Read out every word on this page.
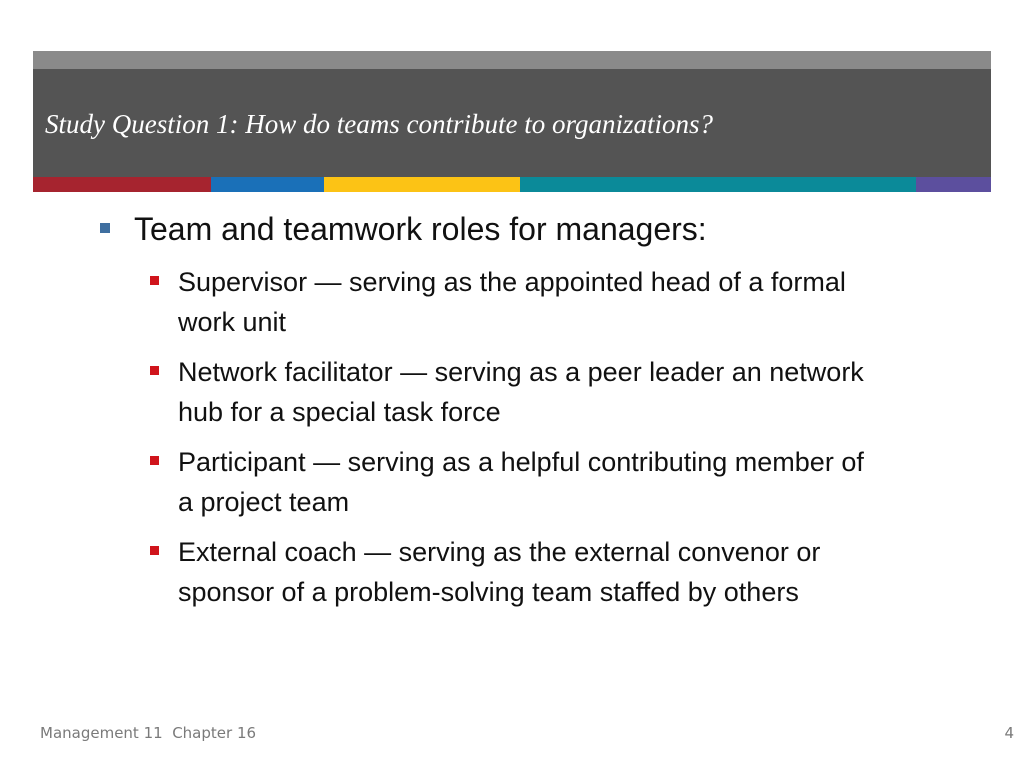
Study Question 1: How do teams contribute to organizations?
Team and teamwork roles for managers:
Supervisor — serving as the appointed head of a formal work unit
Network facilitator — serving as a peer leader an network hub for a special task force
Participant — serving as a helpful contributing member of a project team
External coach — serving as the external convenor or sponsor of a problem-solving team staffed by others
Management 11  Chapter 16	4
